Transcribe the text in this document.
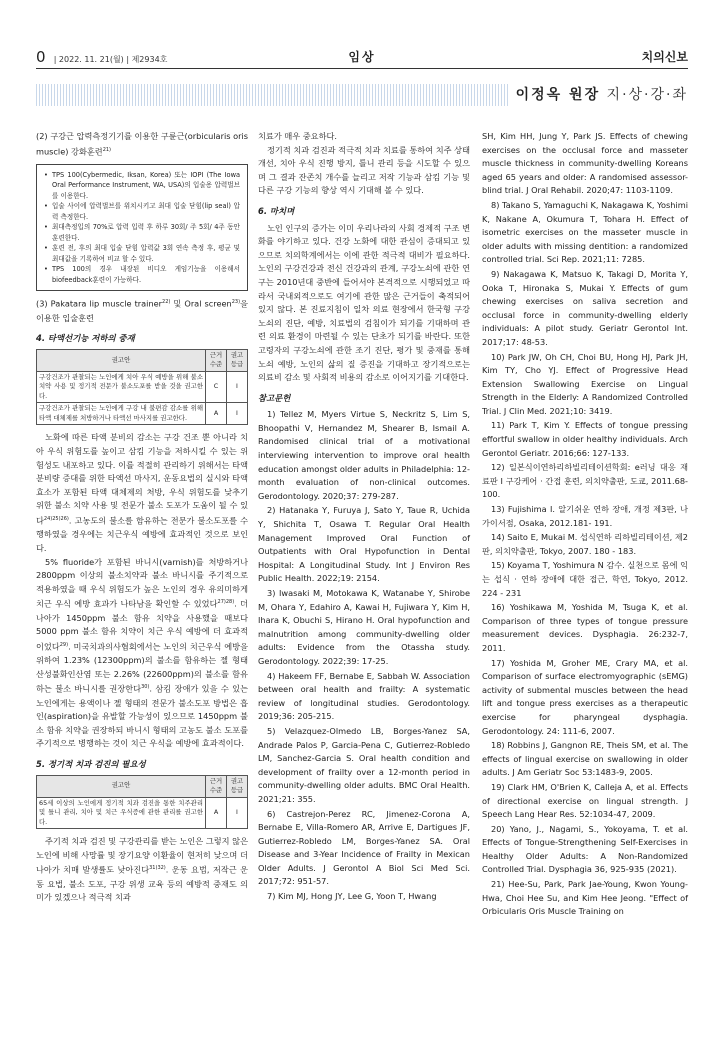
0 | 2022. 11. 21(월) | 제2934호	임상	치의신보
이정옥 원장 지·상·강·좌

(2) 구강근 압력측정기기를 이용한 구륜근(orbicularis oris muscle) 강화훈련$^{21)}$

• TPS 100(Cybermedic, Iksan, Korea) 또는 IOPI (The Iowa Oral Performance Instrument, WA, USA)의 입술용 압력벌브를 이용한다.
• 입술 사이에 압력벌브를 위치시키고 최대 입술 닫힘(lip seal) 압력 측정한다.
• 최대측정입의 70%로 압력 입력 후 하루 30회/ 주 5회/ 4주 동안 훈련한다.
• 훈련 전, 후의 최대 입술 닫힘 압력값 3회 연속 측정 후, 평균 및 최대값을 기록하여 비교 할 수 있다.
• TPS 100의 경우 내장된 비디오 게임기능을 이용해서 biofeedback훈련이 가능하다.

(3) Pakatara lip muscle trainer$^{22)}$ 및 Oral screen$^{23)}$을 이용한 입술훈련

4. 타액선기능 저하의 중재
권고안	근거 수준	권고 등급
구강건조가 관찰되는 노인에게 치아 우식 예방을 위해 불소치약 사용 및 정기적 전문가 불소도포를 받을 것을 권고한다.	C	I
구강건조가 관찰되는 노인에게 구강 내 불편감 감소를 위해 타액 대체제를 처방하거나 타액선 마사지를 권고한다.	A	I

노화에 따른 타액 분비의 감소는 구강 건조 뿐 아니라 치아 우식 위험도를 높이고 삼킴 기능을 저하시킬 수 있는 위험성도 내포하고 있다. 이를 적절히 관리하기 위해서는 타액 분비량 증대를 위한 타액선 마사지, 운동요법의 실시와 타액 효소가 포함된 타액 대체제의 처방, 우식 위험도를 낮추기 위한 불소 치약 사용 및 전문가 불소 도포가 도움이 될 수 있다$^{24)25)26)}$. 고농도의 불소를 함유하는 전문가 불소도포를 수행하였을 경우에는 치근우식 예방에 효과적인 것으로 보인다.

5% fluoride가 포함된 바니시(varnish)를 처방하거나 2800ppm 이상의 불소치약과 불소 바니시를 주기적으로 적용하였을 때 우식 위험도가 높은 노인의 경우 유의미하게 치근 우식 예방 효과가 나타남을 확인할 수 있었다$^{27)28)}$. 더 나아가 1450ppm 불소 함유 치약을 사용했을 때보다 5000 ppm 불소 함유 치약이 치근 우식 예방에 더 효과적이었다$^{29)}$. 미국치과의사협회에서는 노인의 치근우식 예방을 위하여 1.23% (12300ppm)의 불소를 함유하는 젤 형태 산성불화인산염 또는 2.26% (22600ppm)의 불소를 함유하는 불소 바니시를 권장한다$^{30)}$. 삼킴 장애가 있을 수 있는 노인에게는 용액이나 젤 형태의 전문가 불소도포 방법은 흡인(aspiration)을 유발할 가능성이 있으므로 1450ppm 불소 함유 치약을 권장하되 바니시 형태의 고농도 불소 도포를 주기적으로 병행하는 것이 치근 우식을 예방에 효과적이다.

5. 정기적 치과 검진의 필요성
권고안	근거 수준	권고 등급
65세 이상의 노인에게 정기적 치과 검진을 통한 치주관리 및 틀니 관리, 치아 및 치근 우식증에 관한 관리를 권고한다.	A	I

주기적 치과 검진 및 구강관리를 받는 노인은 그렇지 않은 노인에 비해 사망률 및 장기요양 이환율이 현저히 낮으며 더 나아가 치매 발생률도 낮아진다$^{31)32)}$. 운동 요법, 저작근 운동 요법, 불소 도포, 구강 위생 교육 등의 예방적 중재도 의미가 있겠으나 적극적 치과

치료가 매우 중요하다.

정기적 치과 검진과 적극적 치과 치료를 통하여 치주 상태 개선, 치아 우식 진행 방지, 틀니 관리 등을 시도할 수 있으며 그 결과 잔존치 개수를 늘리고 저작 기능과 삼킴 기능 및 다른 구강 기능의 향상 역시 기대해 볼 수 있다.

6. 마치며

노인 인구의 증가는 이미 우리나라의 사회 경제적 구조 변화를 야기하고 있다. 건강 노화에 대한 관심이 증대되고 있으므로 치의학계에서는 이에 관한 적극적 대비가 필요하다. 노인의 구강건강과 전신 건강과의 관계, 구강노쇠에 관한 연구는 2010년대 중반에 들어서야 본격적으로 시행되었고 따라서 국내외적으로도 여기에 관한 많은 근거들이 축적되어 있지 않다. 본 진료지침이 일차 의료 현장에서 한국형 구강노쇠의 진단, 예방, 치료법의 검침이가 되기를 기대하며 관련 의료 환경이 마련될 수 있는 단초가 되기를 바란다. 또한 고령자의 구강노쇠에 관한 조기 진단, 평가 및 중재를 통해 노쇠 예방, 노인의 삶의 질 증진을 기대하고 장기적으로는 의료비 감소 및 사회적 비용의 감소로 이어지기를 기대한다.

참고문헌

1) Tellez M, Myers Virtue S, Neckritz S, Lim S, Bhoopathi V, Hernandez M, Shearer B, Ismail A. Randomised clinical trial of a motivational interviewing intervention to improve oral health education amongst older adults in Philadelphia: 12-month evaluation of non-clinical outcomes. Gerodontology. 2020;37: 279-287.

2) Hatanaka Y, Furuya J, Sato Y, Taue R, Uchida Y, Shichita T, Osawa T. Regular Oral Health Management Improved Oral Function of Outpatients with Oral Hypofunction in Dental Hospital: A Longitudinal Study. Int J Environ Res Public Health. 2022;19: 2154.

3) Iwasaki M, Motokawa K, Watanabe Y, Shirobe M, Ohara Y, Edahiro A, Kawai H, Fujiwara Y, Kim H, Ihara K, Obuchi S, Hirano H. Oral hypofunction and malnutrition among community-dwelling older adults: Evidence from the Otassha study. Gerodontology. 2022;39: 17-25.

4) Hakeem FF, Bernabe E, Sabbah W. Association between oral health and frailty: A systematic review of longitudinal studies. Gerodontology. 2019;36: 205-215.

5) Velazquez-Olmedo LB, Borges-Yanez SA, Andrade Palos P, Garcia-Pena C, Gutierrez-Robledo LM, Sanchez-Garcia S. Oral health condition and development of frailty over a 12-month period in community-dwelling older adults. BMC Oral Health. 2021;21: 355.

6) Castrejon-Perez RC, Jimenez-Corona A, Bernabe E, Villa-Romero AR, Arrive E, Dartigues JF, Gutierrez-Robledo LM, Borges-Yanez SA. Oral Disease and 3-Year Incidence of Frailty in Mexican Older Adults. J Gerontol A Biol Sci Med Sci. 2017;72: 951-57.

7) Kim MJ, Hong JY, Lee G, Yoon T, Hwang

SH, Kim HH, Jung Y, Park JS. Effects of chewing exercises on the occlusal force and masseter muscle thickness in community-dwelling Koreans aged 65 years and older: A randomised assessor-blind trial. J Oral Rehabil. 2020;47: 1103-1109.

8) Takano S, Yamaguchi K, Nakagawa K, Yoshimi K, Nakane A, Okumura T, Tohara H. Effect of isometric exercises on the masseter muscle in older adults with missing dentition: a randomized controlled trial. Sci Rep. 2021;11: 7285.

9) Nakagawa K, Matsuo K, Takagi D, Morita Y, Ooka T, Hironaka S, Mukai Y. Effects of gum chewing exercises on saliva secretion and occlusal force in community-dwelling elderly individuals: A pilot study. Geriatr Gerontol Int. 2017;17: 48-53.

10) Park JW, Oh CH, Choi BU, Hong HJ, Park JH, Kim TY, Cho YJ. Effect of Progressive Head Extension Swallowing Exercise on Lingual Strength in the Elderly: A Randomized Controlled Trial. J Clin Med. 2021;10: 3419.

11) Park T, Kim Y. Effects of tongue pressing effortful swallow in older healthy individuals. Arch Gerontol Geriatr. 2016;66: 127-133.

12) 일본식이연하리하빌리테이션학회: e러닝 대응 재료판 I 구강케어 · 간접 훈련, 의치약출판, 도쿄, 2011.68-100.

13) Fujishima I. 알기쉬운 연하 장애, 개정 제3판, 나가이서점, Osaka, 2012.181- 191.

14) Saito E, Mukai M. 섭식연하 리하빌리테이션, 제2판, 의치약출판, Tokyo, 2007. 180 - 183.

15) Koyama T, Yoshimura N 감수. 실천으로 몸에 익는 섭식 · 연하 장애에 대한 접근, 학연, Tokyo, 2012. 224 - 231

16) Yoshikawa M, Yoshida M, Tsuga K, et al. Comparison of three types of tongue pressure measurement devices. Dysphagia. 26:232-7, 2011.

17) Yoshida M, Groher ME, Crary MA, et al. Comparison of surface electromyographic (sEMG) activity of submental muscles between the head lift and tongue press exercises as a therapeutic exercise for pharyngeal dysphagia. Gerodontology. 24: 111-6, 2007.

18) Robbins J, Gangnon RE, Theis SM, et al. The effects of lingual exercise on swallowing in older adults. J Am Geriatr Soc 53:1483-9, 2005.

19) Clark HM, O'Brien K, Calleja A, et al. Effects of directional exercise on lingual strength. J Speech Lang Hear Res. 52:1034-47, 2009.

20) Yano, J., Nagami, S., Yokoyama, T. et al. Effects of Tongue-Strengthening Self-Exercises in Healthy Older Adults: A Non-Randomized Controlled Trial. Dysphagia 36, 925-935 (2021).

21) Hee-Su, Park, Park Jae-Young, Kwon Young-Hwa, Choi Hee Su, and Kim Hee Jeong. "Effect of Orbicularis Oris Muscle Training on
